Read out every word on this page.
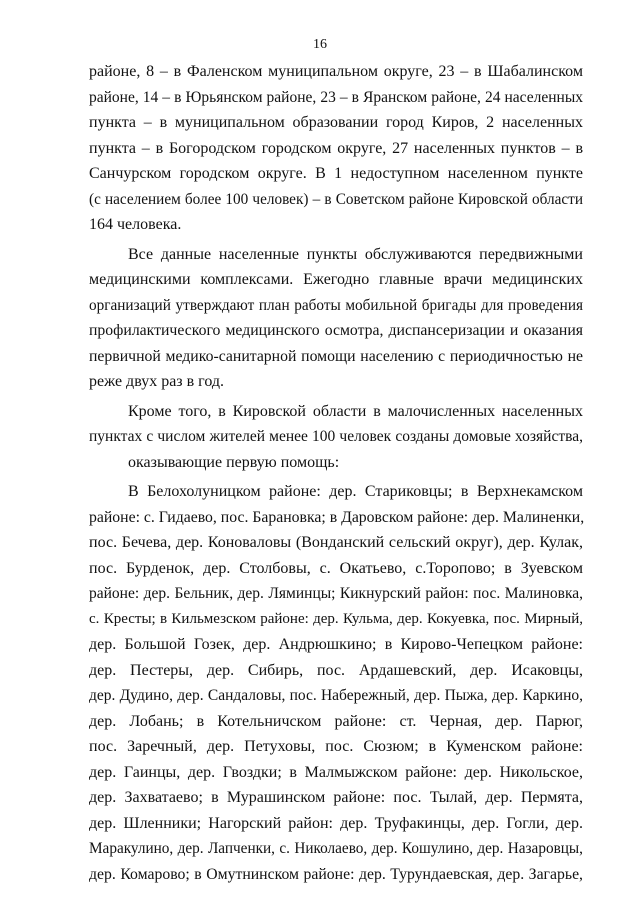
16
районе, 8 – в Фаленском муниципальном округе, 23 – в Шабалинском
районе, 14 – в Юрьянском районе, 23 – в Яранском районе, 24 населенных
пункта – в муниципальном образовании город Киров, 2 населенных
пункта – в Богородском городском округе, 27 населенных пунктов – в
Санчурском городском округе. В 1 недоступном населенном пункте
(с населением более 100 человек) – в Советском районе Кировской области
164 человека.
Все данные населенные пункты обслуживаются передвижными
медицинскими комплексами. Ежегодно главные врачи медицинских
организаций утверждают план работы мобильной бригады для проведения
профилактического медицинского осмотра, диспансеризации и оказания
первичной медико-санитарной помощи населению с периодичностью не
реже двух раз в год.
Кроме того, в Кировской области в малочисленных населенных
пунктах с числом жителей менее 100 человек созданы домовые хозяйства,
оказывающие первую помощь:
В Белохолуницком районе: дер. Стариковцы; в Верхнекамском
районе: с. Гидаево, пос. Барановка; в Даровском районе: дер. Малиненки,
пос. Бечева, дер. Коноваловы (Вонданский сельский округ), дер. Кулак,
пос. Бурденок, дер. Столбовы, с. Окатьево, с.Торопово; в Зуевском
районе: дер. Бельник, дер. Ляминцы; Кикнурский район: пос. Малиновка,
с. Кресты; в Кильмезском районе: дер. Кульма, дер. Кокуевка, пос. Мирный,
дер. Большой Гозек, дер. Андрюшкино; в Кирово-Чепецком районе:
дер. Пестеры, дер. Сибирь, пос. Ардашевский, дер. Исаковцы,
дер. Дудино, дер. Сандаловы, пос. Набережный, дер. Пыжа, дер. Каркино,
дер. Лобань; в Котельничском районе: ст. Черная, дер. Парюг,
пос. Заречный, дер. Петуховы, пос. Сюзюм; в Куменском районе:
дер. Гаинцы, дер. Гвоздки; в Малмыжском районе: дер. Никольское,
дер. Захватаево; в Мурашинском районе: пос. Тылай, дер. Пермята,
дер. Шленники; Нагорский район: дер. Труфакинцы, дер. Гогли, дер.
Маракулино, дер. Лапченки, с. Николаево, дер. Кошулино, дер. Назаровцы,
дер. Комарово; в Омутнинском районе: дер. Турундаевская, дер. Загарье,
